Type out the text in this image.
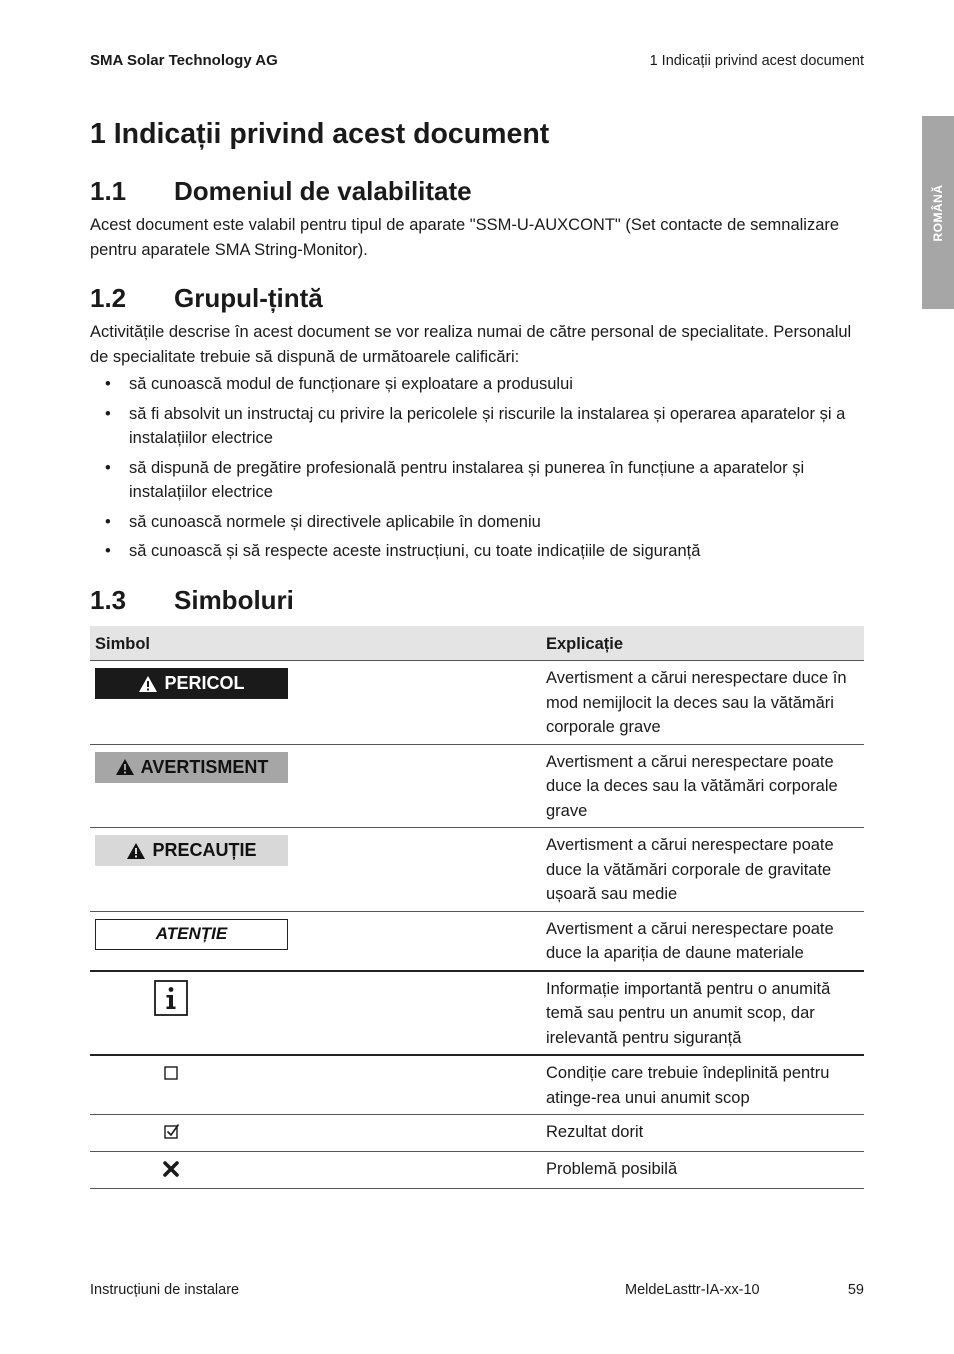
SMA Solar Technology AG	1 Indicații privind acest document
ROMÂNĂ
1 Indicații privind acest document
1.1 Domeniul de valabilitate

Acest document este valabil pentru tipul de aparate "SSM-U-AUXCONT" (Set contacte de semnalizare pentru aparatele SMA String-Monitor).

1.2 Grupul-țintă

Activitățile descrise în acest document se vor realiza numai de către personal de specialitate. Personalul de specialitate trebuie să dispună de următoarele calificări:

• să cunoască modul de funcționare și exploatare a produsului
• să fi absolvit un instructaj cu privire la pericolele și riscurile la instalarea și operarea aparatelor și a instalațiilor electrice
• să dispună de pregătire profesională pentru instalarea și punerea în funcțiune a aparatelor și instalațiilor electrice
• să cunoască normele și directivele aplicabile în domeniu
• să cunoască și să respecte aceste instrucțiuni, cu toate indicațiile de siguranță
1.3 Simboluri
Simbol	Explicație

PERICOL	Avertisment a cărui nerespectare duce în mod nemijlocit la deces sau la vătămări corporale grave

AVERTISMENT	Avertisment a cărui nerespectare poate duce la deces sau la vătămări corporale grave

PRECAUȚIE	Avertisment a cărui nerespectare poate duce la vătămări corporale de gravitate ușoară sau medie

ATENȚIE	Avertisment a cărui nerespectare poate duce la apariția de daune materiale
	Informație importantă pentru o anumită temă sau pentru un anumit scop, dar irelevantă pentru siguranță
	Condiție care trebuie îndeplinită pentru atinge-rea unui anumit scop
	Rezultat dorit
	Problemă posibilă
Instrucțiuni de instalare	MeldeLasttr-IA-xx-10	59
